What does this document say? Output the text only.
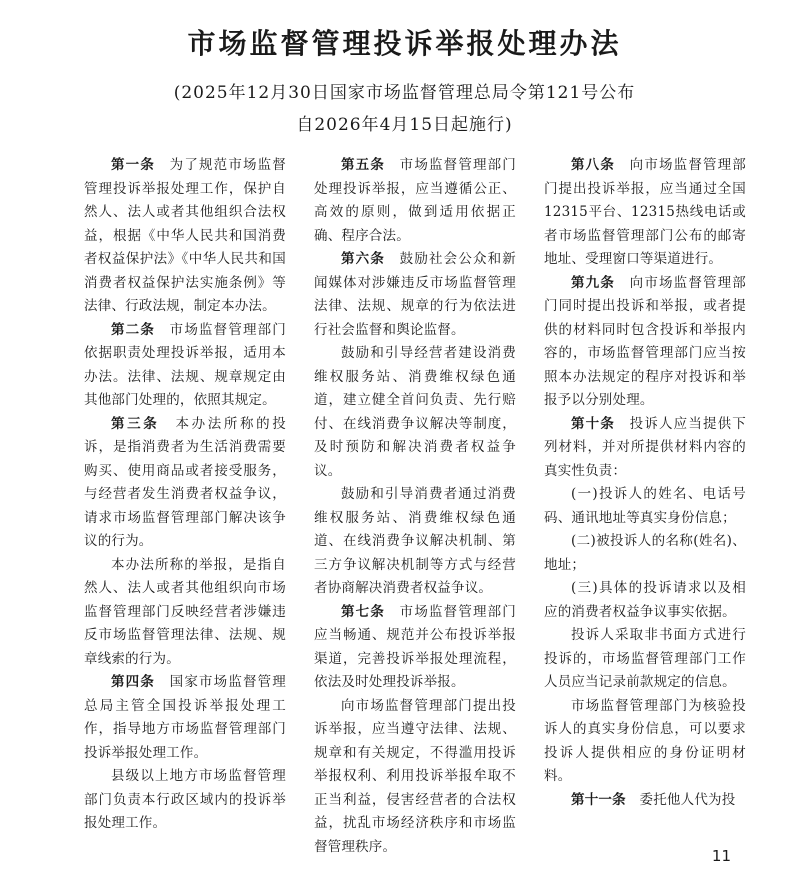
市场监督管理投诉举报处理办法
(2025年12月30日国家市场监督管理总局令第121号公布
自2026年4月15日起施行)

第一条　 为了规范市场监督管理投诉举报处理工作，保护自然人、法人或者其他组织合法权益，根据《中华人民共和国消费者权益保护法》《中华人民共和国消费者权益保护法实施条例》等法律、行政法规，制定本办法。

第二条　 市场监督管理部门依据职责处理投诉举报，适用本办法。法律、法规、规章规定由其他部门处理的，依照其规定。

第三条　 本办法所称的投诉，是指消费者为生活消费需要购买、使用商品或者接受服务，与经营者发生消费者权益争议，请求市场监督管理部门解决该争议的行为。

本办法所称的举报，是指自然人、法人或者其他组织向市场监督管理部门反映经营者涉嫌违反市场监督管理法律、法规、规章线索的行为。

第四条　 国家市场监督管理总局主管全国投诉举报处理工作，指导地方市场监督管理部门投诉举报处理工作。

县级以上地方市场监督管理部门负责本行政区域内的投诉举报处理工作。

第五条　 市场监督管理部门处理投诉举报，应当遵循公正、高效的原则，做到适用依据正确、程序合法。

第六条　 鼓励社会公众和新闻媒体对涉嫌违反市场监督管理法律、法规、规章的行为依法进行社会监督和舆论监督。

鼓励和引导经营者建设消费维权服务站、消费维权绿色通道，建立健全首问负责、先行赔付、在线消费争议解决等制度，及时预防和解决消费者权益争议。

鼓励和引导消费者通过消费维权服务站、消费维权绿色通道、在线消费争议解决机制、第三方争议解决机制等方式与经营者协商解决消费者权益争议。

第七条　 市场监督管理部门应当畅通、规范并公布投诉举报渠道，完善投诉举报处理流程，依法及时处理投诉举报。

向市场监督管理部门提出投诉举报，应当遵守法律、法规、规章和有关规定，不得滥用投诉举报权利、利用投诉举报牟取不正当利益，侵害经营者的合法权益，扰乱市场经济秩序和市场监督管理秩序。

第八条　 向市场监督管理部门提出投诉举报，应当通过全国12315平台、12315热线电话或者市场监督管理部门公布的邮寄地址、受理窗口等渠道进行。

第九条　 向市场监督管理部门同时提出投诉和举报，或者提供的材料同时包含投诉和举报内容的，市场监督管理部门应当按照本办法规定的程序对投诉和举报予以分别处理。

第十条　 投诉人应当提供下列材料，并对所提供材料内容的真实性负责：

(一)投诉人的姓名、电话号码、通讯地址等真实身份信息；

(二)被投诉人的名称(姓名)、地址；

(三)具体的投诉请求以及相应的消费者权益争议事实依据。

投诉人采取非书面方式进行投诉的，市场监督管理部门工作人员应当记录前款规定的信息。

市场监督管理部门为核验投诉人的真实身份信息，可以要求投诉人提供相应的身份证明材料。

第十一条　 委托他人代为投

11
